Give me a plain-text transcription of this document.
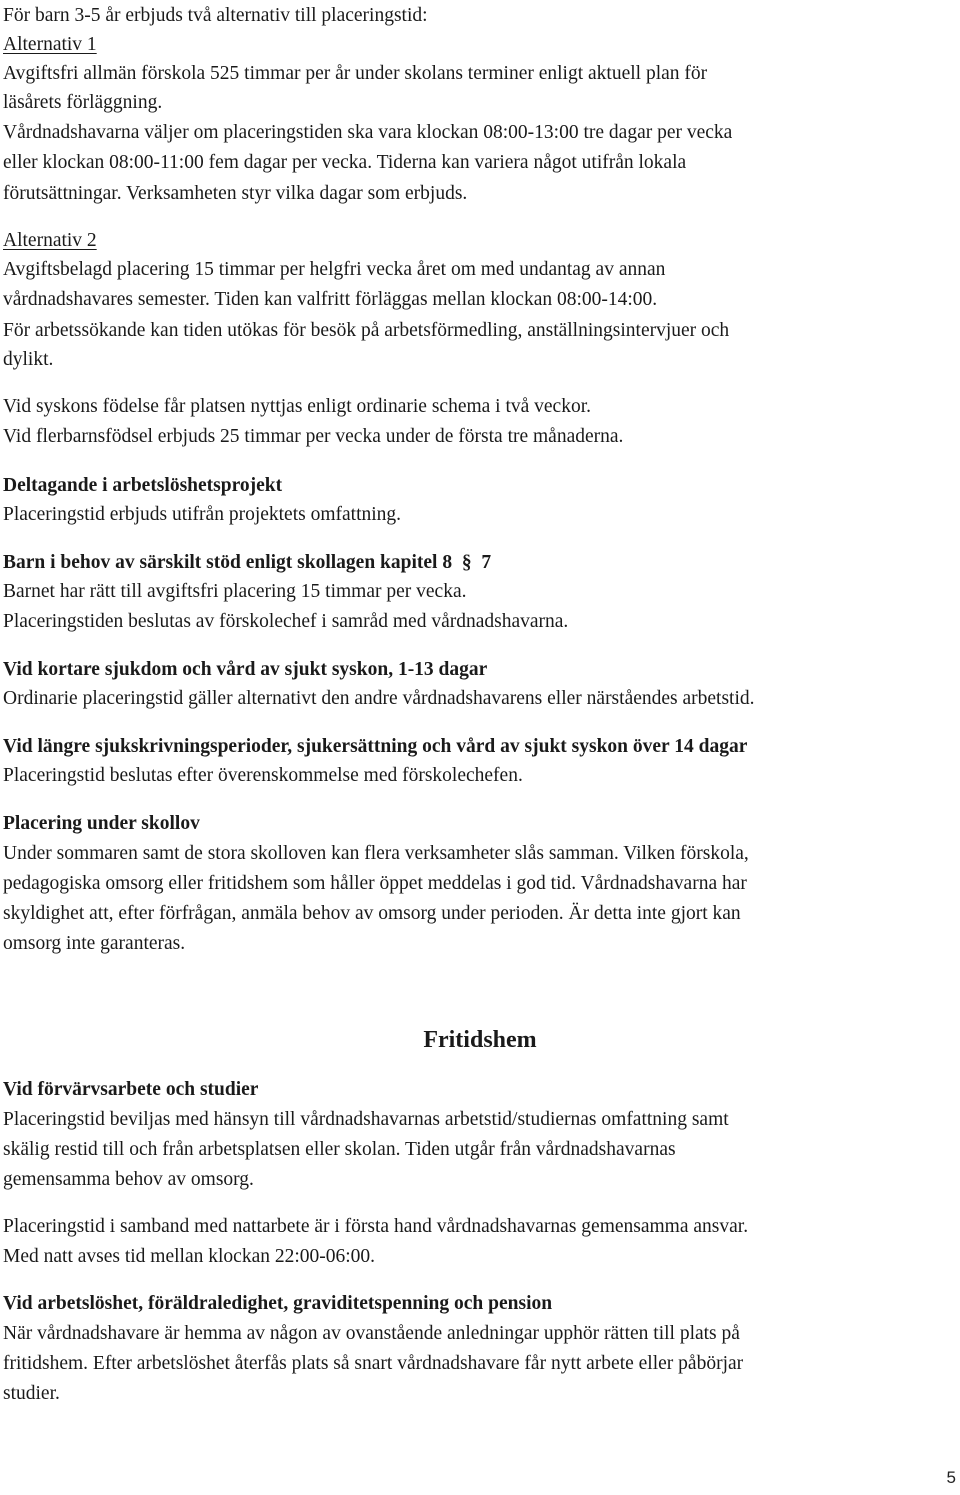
För barn 3-5 år erbjuds två alternativ till placeringstid:
Alternativ 1
Avgiftsfri allmän förskola 525 timmar per år under skolans terminer enligt aktuell plan för
läsårets förläggning.
Vårdnadshavarna väljer om placeringstiden ska vara klockan 08:00-13:00 tre dagar per vecka
eller klockan 08:00-11:00 fem dagar per vecka. Tiderna kan variera något utifrån lokala
förutsättningar. Verksamheten styr vilka dagar som erbjuds.
Alternativ 2
Avgiftsbelagd placering 15 timmar per helgfri vecka året om med undantag av annan
vårdnadshavares semester. Tiden kan valfritt förläggas mellan klockan 08:00-14:00.
För arbetssökande kan tiden utökas för besök på arbetsförmedling, anställningsintervjuer och
dylikt.
Vid syskons födelse får platsen nyttjas enligt ordinarie schema i två veckor.
Vid flerbarnsfödsel erbjuds 25 timmar per vecka under de första tre månaderna.
Deltagande i arbetslöshetsprojekt
Placeringstid erbjuds utifrån projektets omfattning.
Barn i behov av särskilt stöd enligt skollagen kapitel 8 § 7
Barnet har rätt till avgiftsfri placering 15 timmar per vecka.
Placeringstiden beslutas av förskolechef i samråd med vårdnadshavarna.
Vid kortare sjukdom och vård av sjukt syskon, 1-13 dagar
Ordinarie placeringstid gäller alternativt den andre vårdnadshavarens eller närståendes arbetstid.
Vid längre sjukskrivningsperioder, sjukersättning och vård av sjukt syskon över 14 dagar
Placeringstid beslutas efter överenskommelse med förskolechefen.
Placering under skollov
Under sommaren samt de stora skolloven kan flera verksamheter slås samman. Vilken förskola,
pedagogiska omsorg eller fritidshem som håller öppet meddelas i god tid. Vårdnadshavarna har
skyldighet att, efter förfrågan, anmäla behov av omsorg under perioden. Är detta inte gjort kan
omsorg inte garanteras.
Fritidshem
Vid förvärvsarbete och studier
Placeringstid beviljas med hänsyn till vårdnadshavarnas arbetstid/studiernas omfattning samt
skälig restid till och från arbetsplatsen eller skolan. Tiden utgår från vårdnadshavarnas
gemensamma behov av omsorg.
Placeringstid i samband med nattarbete är i första hand vårdnadshavarnas gemensamma ansvar.
Med natt avses tid mellan klockan 22:00-06:00.
Vid arbetslöshet, föräldraledighet, graviditetspenning och pension
När vårdnadshavare är hemma av någon av ovanstående anledningar upphör rätten till plats på
fritidshem. Efter arbetslöshet återfås plats så snart vårdnadshavare får nytt arbete eller påbörjar
studier.
5
